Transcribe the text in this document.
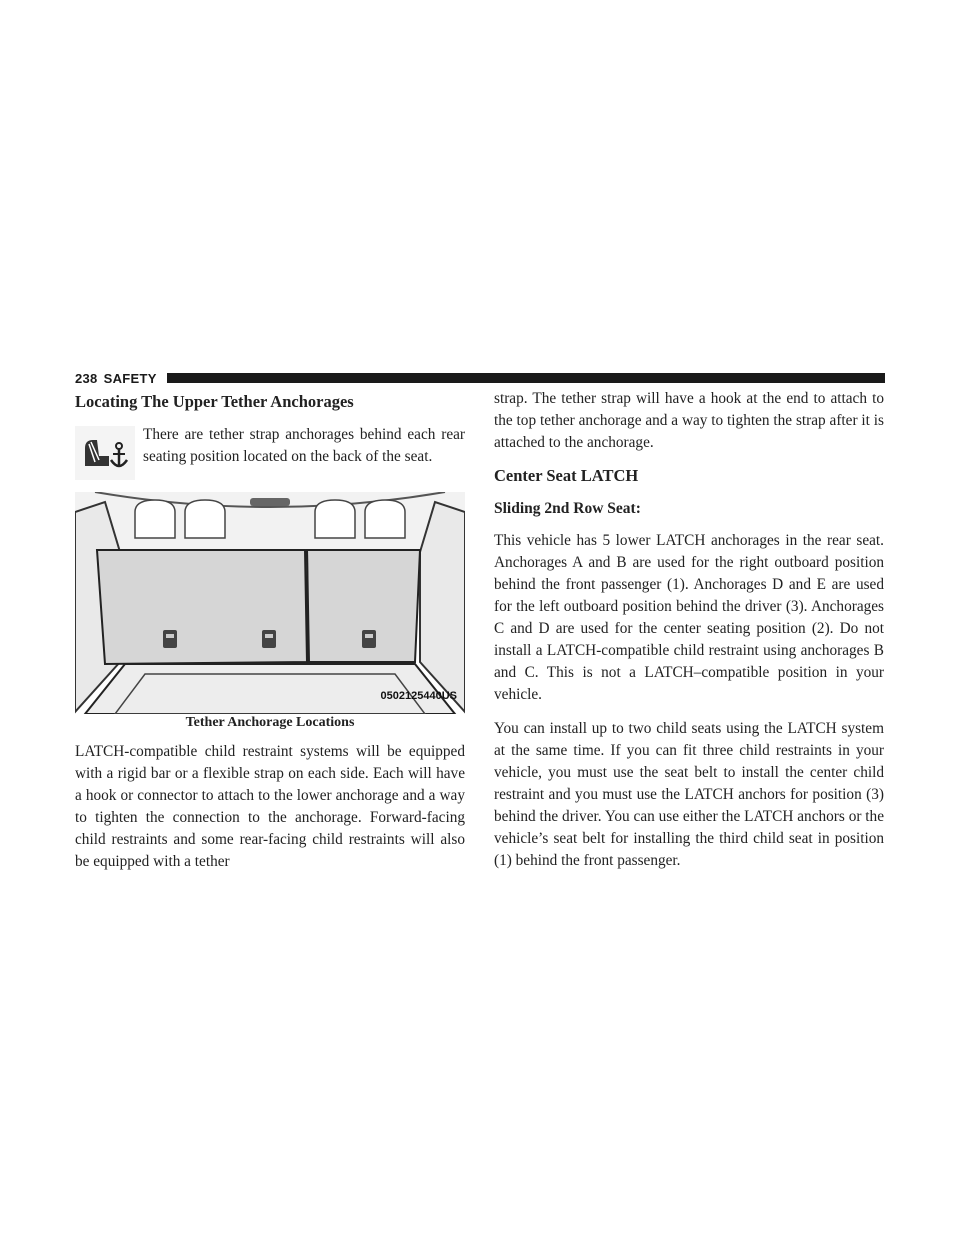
238 SAFETY
Locating The Upper Tether Anchorages

There are tether strap anchorages behind each rear seating position located on the back of the seat.

0502125440US
Tether Anchorage Locations

LATCH-compatible child restraint systems will be equipped with a rigid bar or a flexible strap on each side. Each will have a hook or connector to attach to the lower anchorage and a way to tighten the connection to the anchorage. Forward-facing child restraints and some rear-facing child restraints will also be equipped with a tether

strap. The tether strap will have a hook at the end to attach to the top tether anchorage and a way to tighten the strap after it is attached to the anchorage.

Center Seat LATCH
Sliding 2nd Row Seat:

This vehicle has 5 lower LATCH anchorages in the rear seat. Anchorages A and B are used for the right outboard position behind the front passenger (1). Anchorages D and E are used for the left outboard position behind the driver (3). Anchorages C and D are used for the center seating position (2). Do not install a LATCH-compatible child restraint using anchorages B and C. This is not a LATCH–compatible position in your vehicle.

You can install up to two child seats using the LATCH system at the same time. If you can fit three child restraints in your vehicle, you must use the seat belt to install the center child restraint and you must use the LATCH anchors for position (3) behind the driver. You can use either the LATCH anchors or the vehicle’s seat belt for installing the third child seat in position (1) behind the front passenger.
